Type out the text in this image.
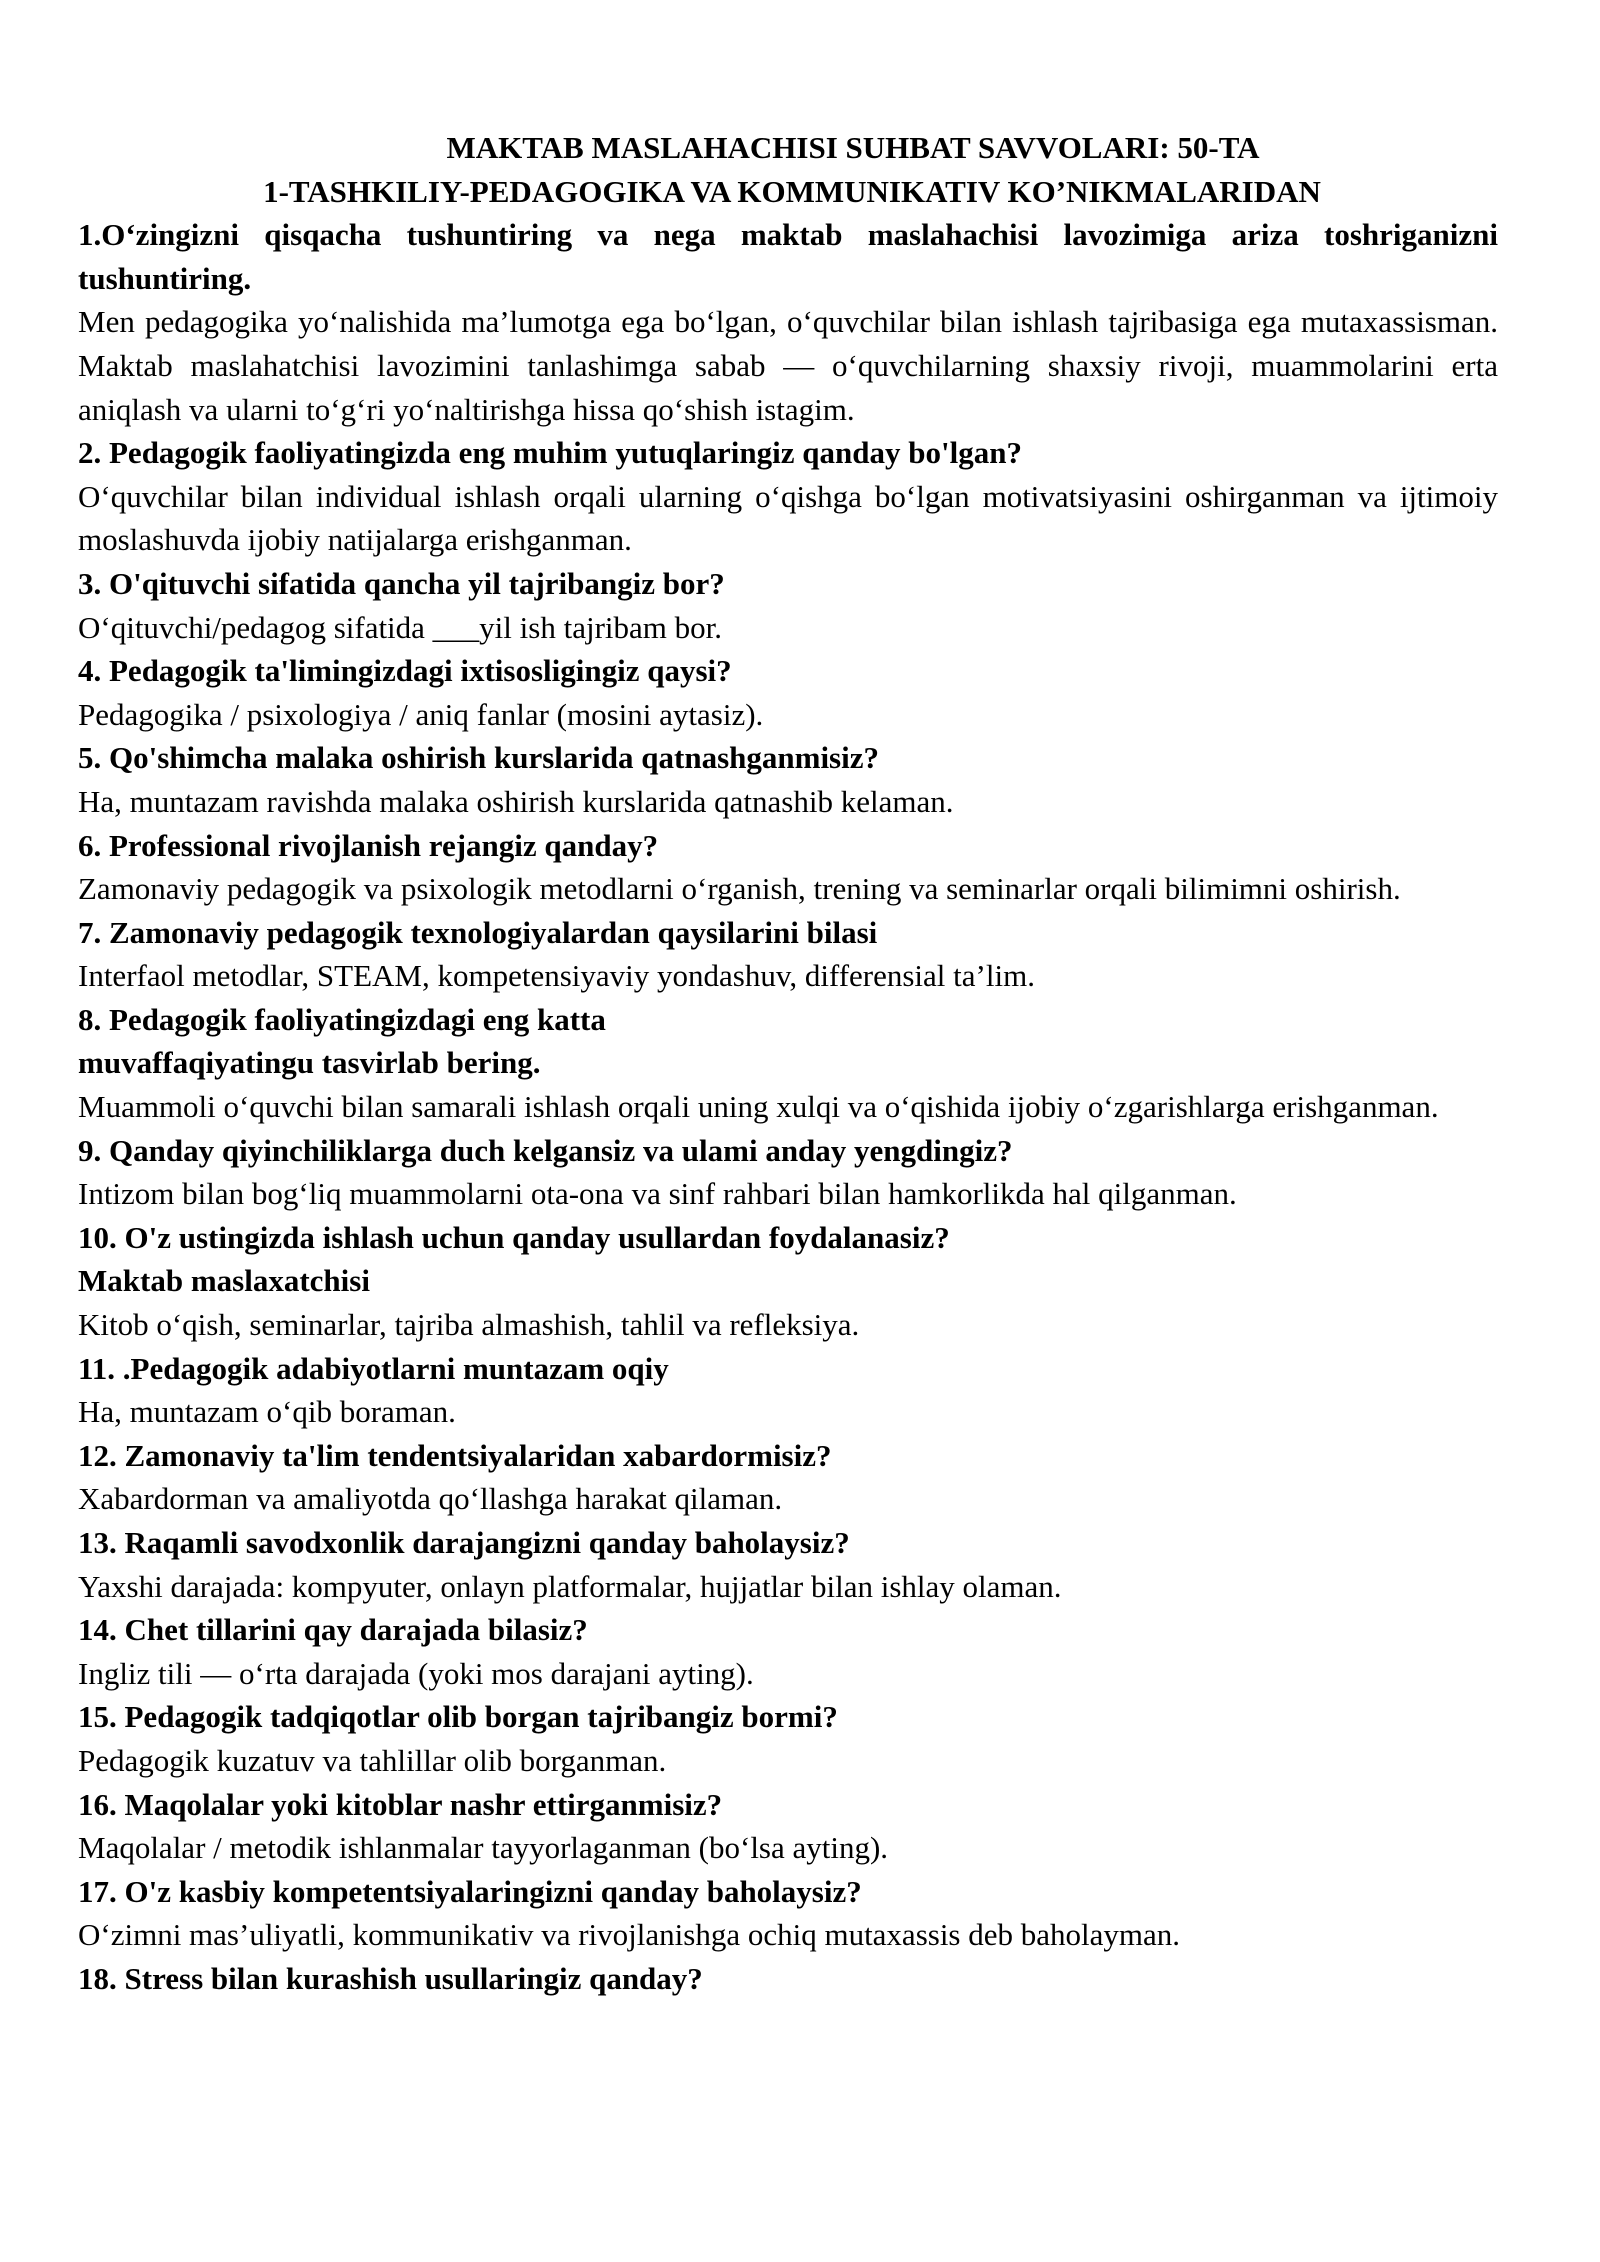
MAKTAB MASLAHACHISI SUHBAT SAVVOLARI: 50-TA

1-TASHKILIY-PEDAGOGIKA VA KOMMUNIKATIV KO’NIKMALARIDAN

1.O‘zingizni qisqacha tushuntiring va nega maktab maslahachisi lavozimiga ariza toshriganizni tushuntiring.

Men pedagogika yo‘nalishida ma’lumotga ega bo‘lgan, o‘quvchilar bilan ishlash tajribasiga ega mutaxassisman. Maktab maslahatchisi lavozimini tanlashimga sabab — o‘quvchilarning shaxsiy rivoji, muammolarini erta aniqlash va ularni to‘g‘ri yo‘naltirishga hissa qo‘shish istagim.

2. Pedagogik faoliyatingizda eng muhim yutuqlaringiz qanday bo'lgan?

O‘quvchilar bilan individual ishlash orqali ularning o‘qishga bo‘lgan motivatsiyasini oshirganman va ijtimoiy moslashuvda ijobiy natijalarga erishganman.

3. O'qituvchi sifatida qancha yil tajribangiz bor?

O‘qituvchi/pedagog sifatida ___yil ish tajribam bor.

4. Pedagogik ta'limingizdagi ixtisosligingiz qaysi?

Pedagogika / psixologiya / aniq fanlar (mosini aytasiz).

5. Qo'shimcha malaka oshirish kurslarida qatnashganmisiz?

Ha, muntazam ravishda malaka oshirish kurslarida qatnashib kelaman.

6. Professional rivojlanish rejangiz qanday?

Zamonaviy pedagogik va psixologik metodlarni o‘rganish, trening va seminarlar orqali bilimimni oshirish.

7. Zamonaviy pedagogik texnologiyalardan qaysilarini bilasi

Interfaol metodlar, STEAM, kompetensiyaviy yondashuv, differensial ta’lim.

8. Pedagogik faoliyatingizdagi eng katta

muvaffaqiyatingu tasvirlab bering.

Muammoli o‘quvchi bilan samarali ishlash orqali uning xulqi va o‘qishida ijobiy o‘zgarishlarga erishganman.

9. Qanday qiyinchiliklarga duch kelgansiz va ulami anday yengdingiz?

Intizom bilan bog‘liq muammolarni ota-ona va sinf rahbari bilan hamkorlikda hal qilganman.

10. O'z ustingizda ishlash uchun qanday usullardan foydalanasiz?

Maktab maslaxatchisi

Kitob o‘qish, seminarlar, tajriba almashish, tahlil va refleksiya.

11. .Pedagogik adabiyotlarni muntazam oqiy

Ha, muntazam o‘qib boraman.

12. Zamonaviy ta'lim tendentsiyalaridan xabardormisiz?

Xabardorman va amaliyotda qo‘llashga harakat qilaman.

13. Raqamli savodxonlik darajangizni qanday baholaysiz?

Yaxshi darajada: kompyuter, onlayn platformalar, hujjatlar bilan ishlay olaman.

14. Chet tillarini qay darajada bilasiz?

Ingliz tili — o‘rta darajada (yoki mos darajani ayting).

15. Pedagogik tadqiqotlar olib borgan tajribangiz bormi?

Pedagogik kuzatuv va tahlillar olib borganman.

16. Maqolalar yoki kitoblar nashr ettirganmisiz?

Maqolalar / metodik ishlanmalar tayyorlaganman (bo‘lsa ayting).

17. O'z kasbiy kompetentsiyalaringizni qanday baholaysiz?

O‘zimni mas’uliyatli, kommunikativ va rivojlanishga ochiq mutaxassis deb baholayman.

18. Stress bilan kurashish usullaringiz qanday?
